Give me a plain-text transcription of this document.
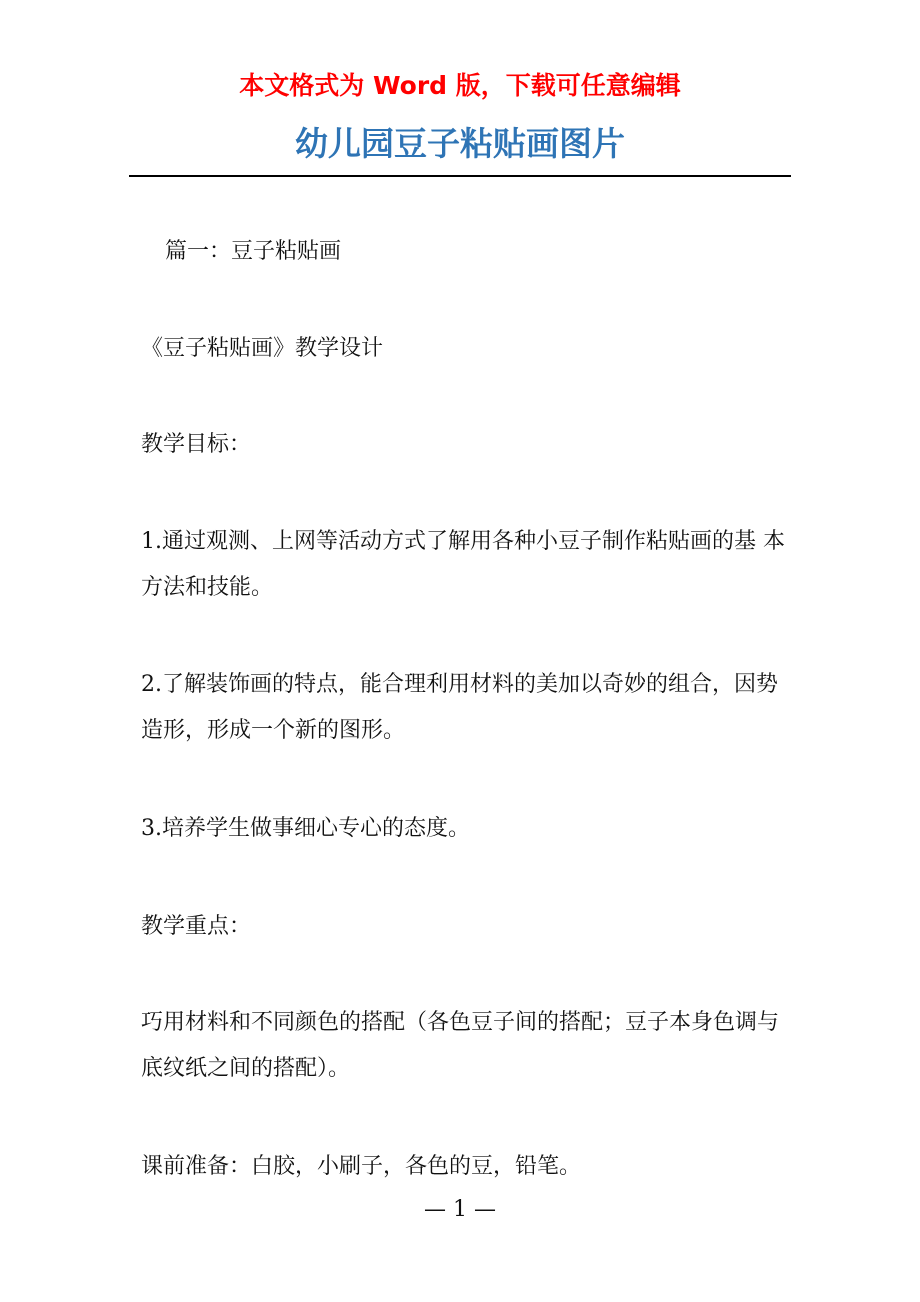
本文格式为 Word 版，下载可任意编辑
幼儿园豆子粘贴画图片

篇一：豆子粘贴画

《豆子粘贴画》教学设计

教学目标：

1.通过观测、上网等活动方式了解用各种小豆子制作粘贴画的基 本方法和技能。

2.了解装饰画的特点，能合理利用材料的美加以奇妙的组合，因势造形，形成一个新的图形。

3.培养学生做事细心专心的态度。

教学重点：

巧用材料和不同颜色的搭配（各色豆子间的搭配；豆子本身色调与底纹纸之间的搭配）。

课前准备：白胶，小刷子，各色的豆，铅笔。

— 1 —
